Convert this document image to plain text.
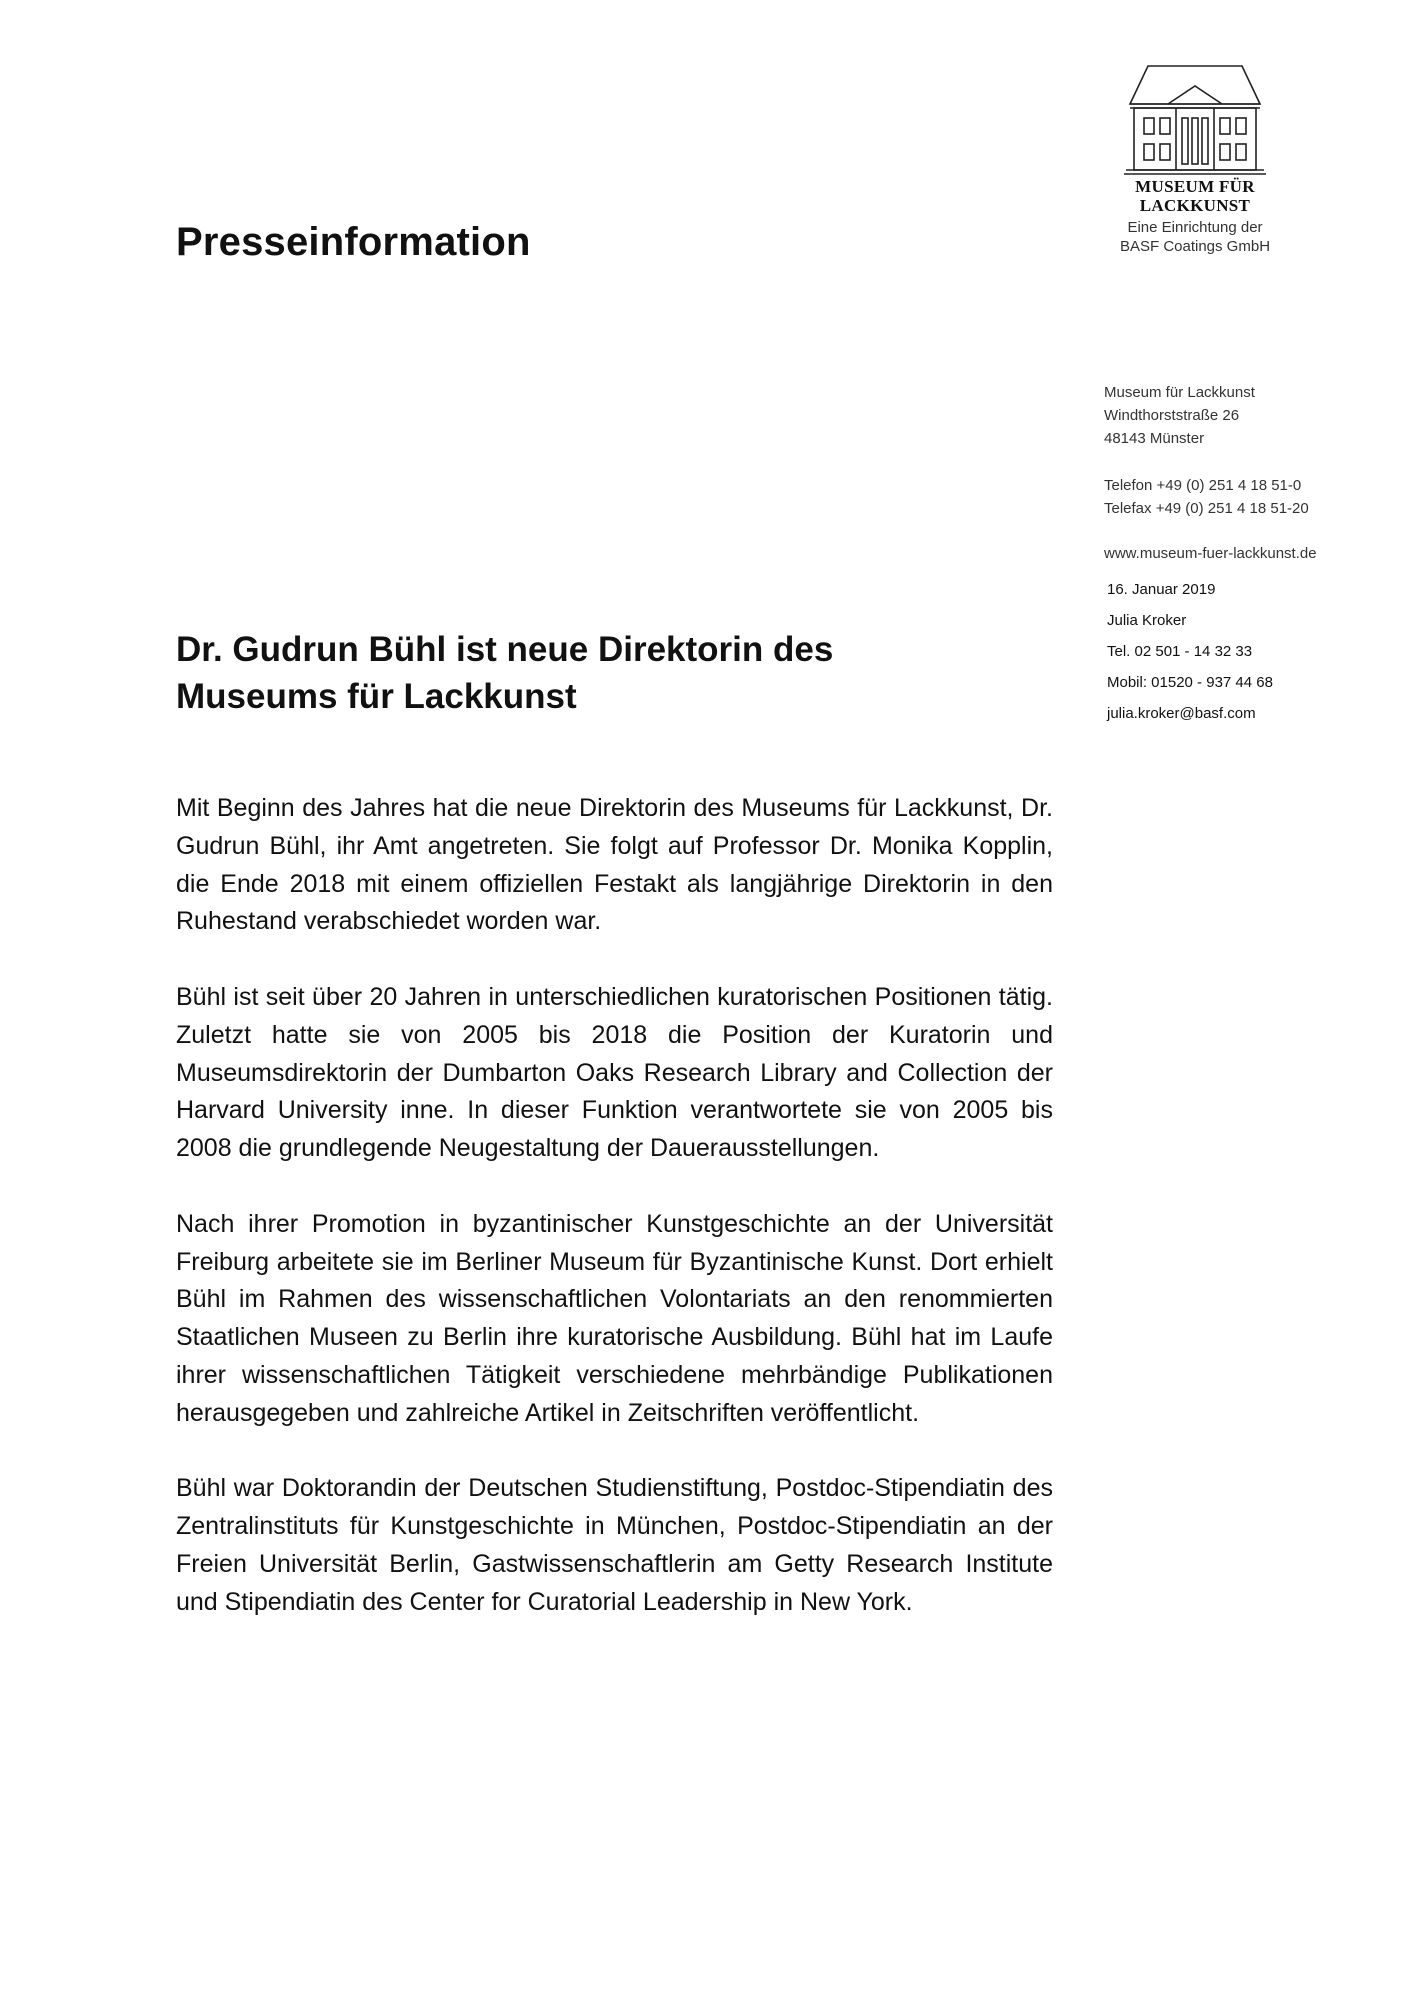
Presseinformation
MUSEUM FÜR
LACKKUNST
Eine Einrichtung der
BASF Coatings GmbH
Museum für Lackkunst
Windthorststraße 26
48143 Münster
Telefon +49 (0) 251 4 18 51-0
Telefax +49 (0) 251 4 18 51-20
www.museum-fuer-lackkunst.de
16. Januar 2019
Julia Kroker
Tel. 02 501 - 14 32 33
Mobil: 01520 - 937 44 68
julia.kroker@basf.com
Dr. Gudrun Bühl ist neue Direktorin des
Museums für Lackkunst

Mit Beginn des Jahres hat die neue Direktorin des Museums für Lackkunst, Dr. Gudrun Bühl, ihr Amt angetreten. Sie folgt auf Professor Dr. Monika Kopplin, die Ende 2018 mit einem offiziellen Festakt als langjährige Direktorin in den Ruhestand verabschiedet worden war.

Bühl ist seit über 20 Jahren in unterschiedlichen kuratorischen Positionen tätig. Zuletzt hatte sie von 2005 bis 2018 die Position der Kuratorin und Museumsdirektorin der Dumbarton Oaks Research Library and Collection der Harvard University inne. In dieser Funktion verantwortete sie von 2005 bis 2008 die grundlegende Neugestaltung der Dauerausstellungen.

Nach ihrer Promotion in byzantinischer Kunstgeschichte an der Universität Freiburg arbeitete sie im Berliner Museum für Byzantinische Kunst. Dort erhielt Bühl im Rahmen des wissenschaftlichen Volontariats an den renommierten Staatlichen Museen zu Berlin ihre kuratorische Ausbildung. Bühl hat im Laufe ihrer wissenschaftlichen Tätigkeit verschiedene mehrbändige Publikationen herausgegeben und zahlreiche Artikel in Zeitschriften veröffentlicht.

Bühl war Doktorandin der Deutschen Studienstiftung, Postdoc-Stipendiatin des Zentralinstituts für Kunstgeschichte in München, Postdoc-Stipendiatin an der Freien Universität Berlin, Gastwissenschaftlerin am Getty Research Institute und Stipendiatin des Center for Curatorial Leadership in New York.
